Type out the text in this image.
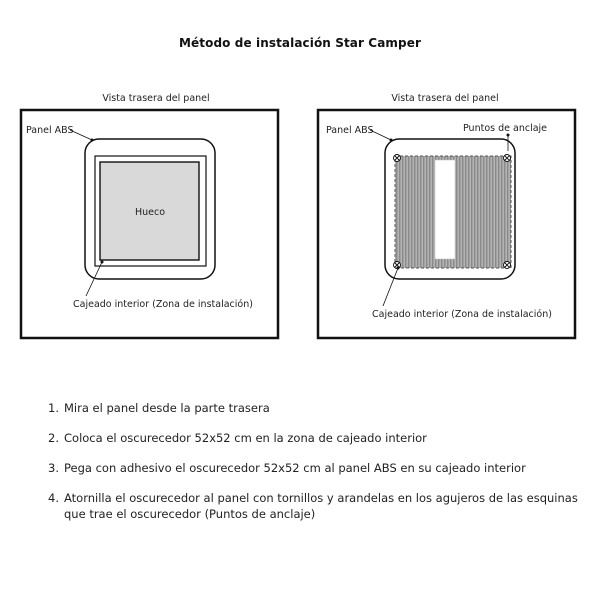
Método de instalación Star Camper
Vista trasera del panel	Vista trasera del panel
Hueco
Panel ABS
Cajeado interior (Zona de instalación)
Panel ABS	Puntos de anclaje
Cajeado interior (Zona de instalación)
1. Mira el panel desde la parte trasera
2. Coloca el oscurecedor 52x52 cm en la zona de cajeado interior
3. Pega con adhesivo el oscurecedor 52x52 cm al panel ABS en su cajeado interior
4. Atornilla el oscurecedor al panel con tornillos y arandelas en los agujeros de las esquinas que trae el oscurecedor (Puntos de anclaje)
